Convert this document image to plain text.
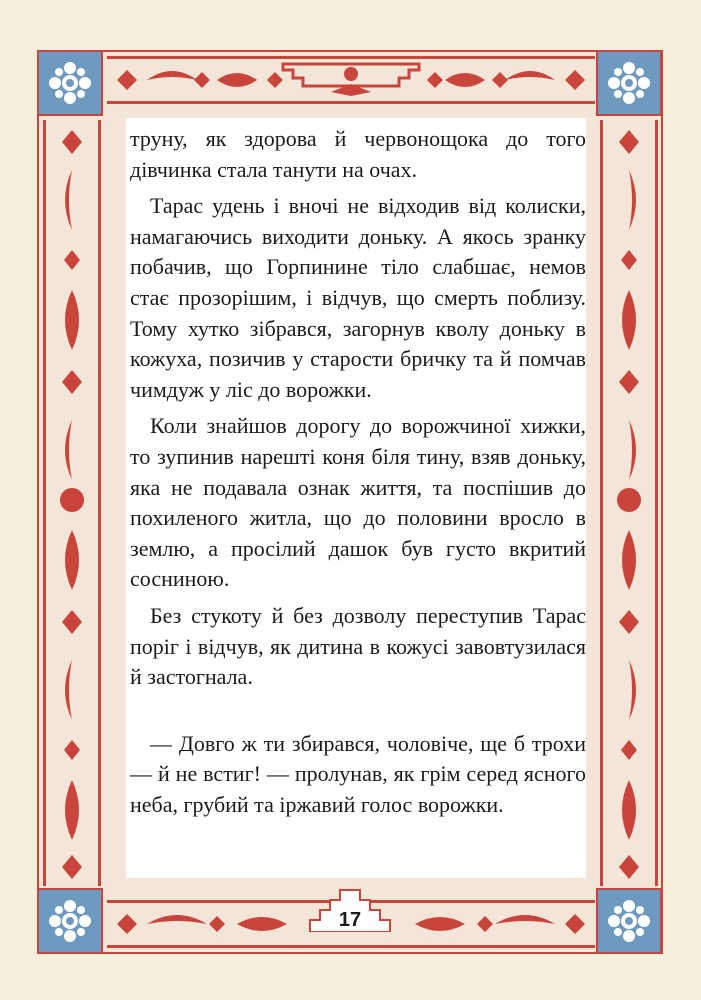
труну, як здорова й червонощока до того дівчинка стала танути на очах.

Тарас удень і вночі не відходив від колиски, намагаючись виходити доньку. А якось зранку побачив, що Горпинине тіло слабшає, немов стає прозорішим, і відчув, що смерть поблизу. Тому хутко зібрався, загорнув кволу доньку в кожуха, позичив у старости бричку та й помчав чимдуж у ліс до ворожки.

Коли знайшов дорогу до ворожчиної хижки, то зупинив нарешті коня біля тину, взяв доньку, яка не подавала ознак життя, та поспішив до похиленого житла, що до половини вросло в землю, а просілий дашок був густо вкритий сосниною.

Без стукоту й без дозволу переступив Тарас поріг і відчув, як дитина в кожусі завовтузилася й застогнала.

— Довго ж ти збирався, чоловіче, ще б трохи — й не встиг! — пролунав, як грім серед ясного неба, грубий та іржавий голос ворожки.

17
